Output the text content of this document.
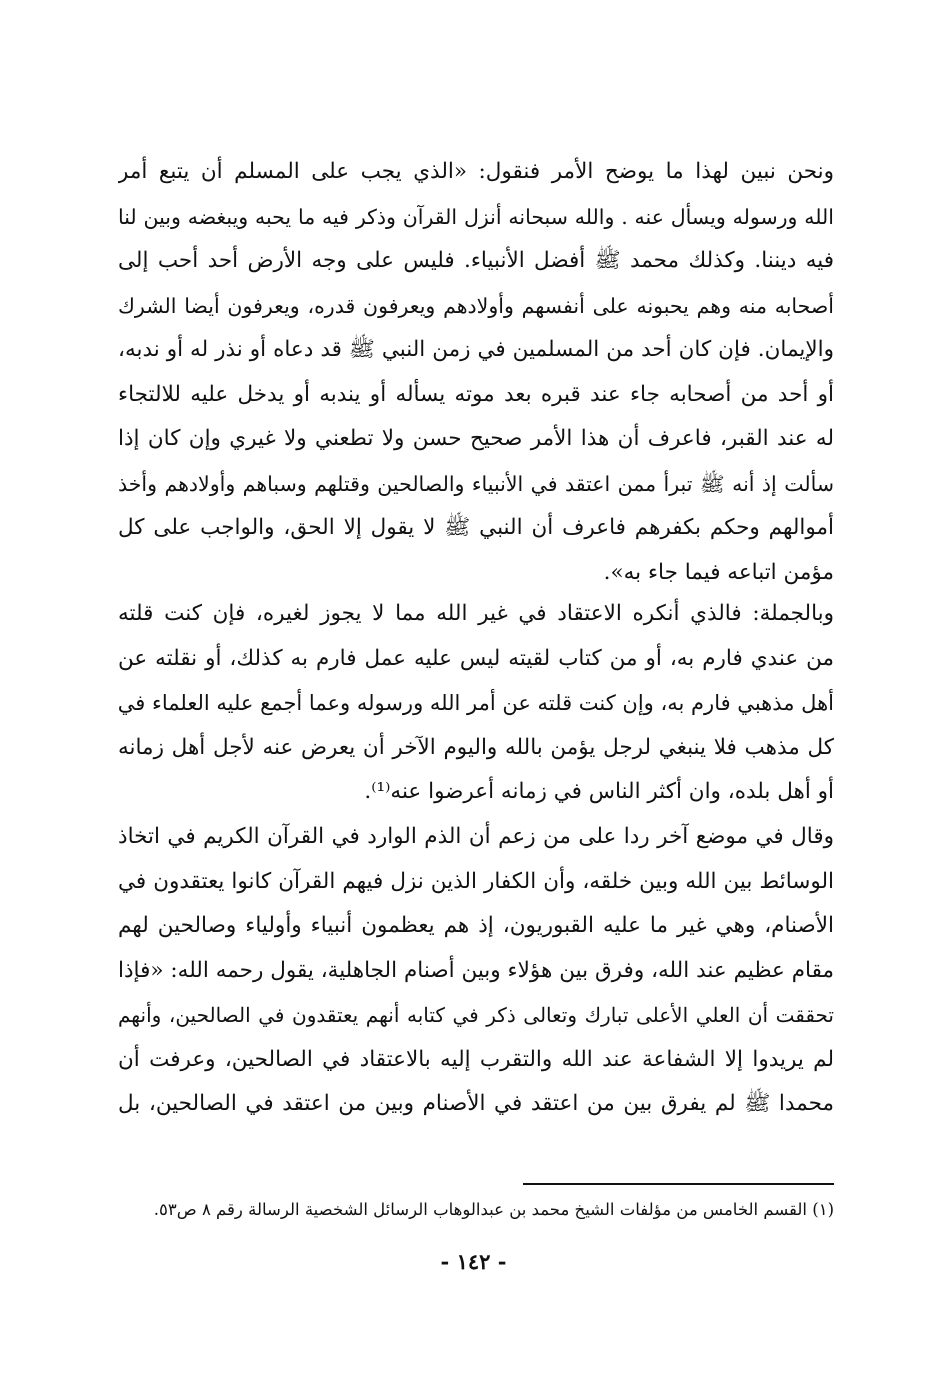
ونحن نبين لهذا ما يوضح الأمر فنقول: «الذي يجب على المسلم أن يتبع أمر
الله ورسوله ويسأل عنه . والله سبحانه أنزل القرآن وذكر فيه ما يحبه ويبغضه وبين لنا
فيه ديننا. وكذلك محمد ﷺ أفضل الأنبياء. فليس على وجه الأرض أحد أحب إلى
أصحابه منه وهم يحبونه على أنفسهم وأولادهم ويعرفون قدره، ويعرفون أيضا الشرك
والإيمان. فإن كان أحد من المسلمين في زمن النبي ﷺ قد دعاه أو نذر له أو ندبه،
أو أحد من أصحابه جاء عند قبره بعد موته يسأله أو يندبه أو يدخل عليه للالتجاء
له عند القبر، فاعرف أن هذا الأمر صحيح حسن ولا تطعني ولا غيري وإن كان إذا
سألت إذ أنه ﷺ تبرأ ممن اعتقد في الأنبياء والصالحين وقتلهم وسباهم وأولادهم وأخذ
أموالهم وحكم بكفرهم فاعرف أن النبي ﷺ لا يقول إلا الحق، والواجب على كل
مؤمن اتباعه فيما جاء به».
وبالجملة: فالذي أنكره الاعتقاد في غير الله مما لا يجوز لغيره، فإن كنت قلته
من عندي فارم به، أو من كتاب لقيته ليس عليه عمل فارم به كذلك، أو نقلته عن
أهل مذهبي فارم به، وإن كنت قلته عن أمر الله ورسوله وعما أجمع عليه العلماء في
كل مذهب فلا ينبغي لرجل يؤمن بالله واليوم الآخر أن يعرض عنه لأجل أهل زمانه
أو أهل بلده، وان أكثر الناس في زمانه أعرضوا عنه⁽¹⁾.
وقال في موضع آخر ردا على من زعم أن الذم الوارد في القرآن الكريم في اتخاذ
الوسائط بين الله وبين خلقه، وأن الكفار الذين نزل فيهم القرآن كانوا يعتقدون في
الأصنام، وهي غير ما عليه القبوريون، إذ هم يعظمون أنبياء وأولياء وصالحين لهم
مقام عظيم عند الله، وفرق بين هؤلاء وبين أصنام الجاهلية، يقول رحمه الله: «فإذا
تحققت أن العلي الأعلى تبارك وتعالى ذكر في كتابه أنهم يعتقدون في الصالحين، وأنهم
لم يريدوا إلا الشفاعة عند الله والتقرب إليه بالاعتقاد في الصالحين، وعرفت أن
محمدا ﷺ لم يفرق بين من اعتقد في الأصنام وبين من اعتقد في الصالحين، بل
(١) القسم الخامس من مؤلفات الشيخ محمد بن عبدالوهاب الرسائل الشخصية الرسالة رقم ٨ ص٥٣.
- ١٤٢ -
